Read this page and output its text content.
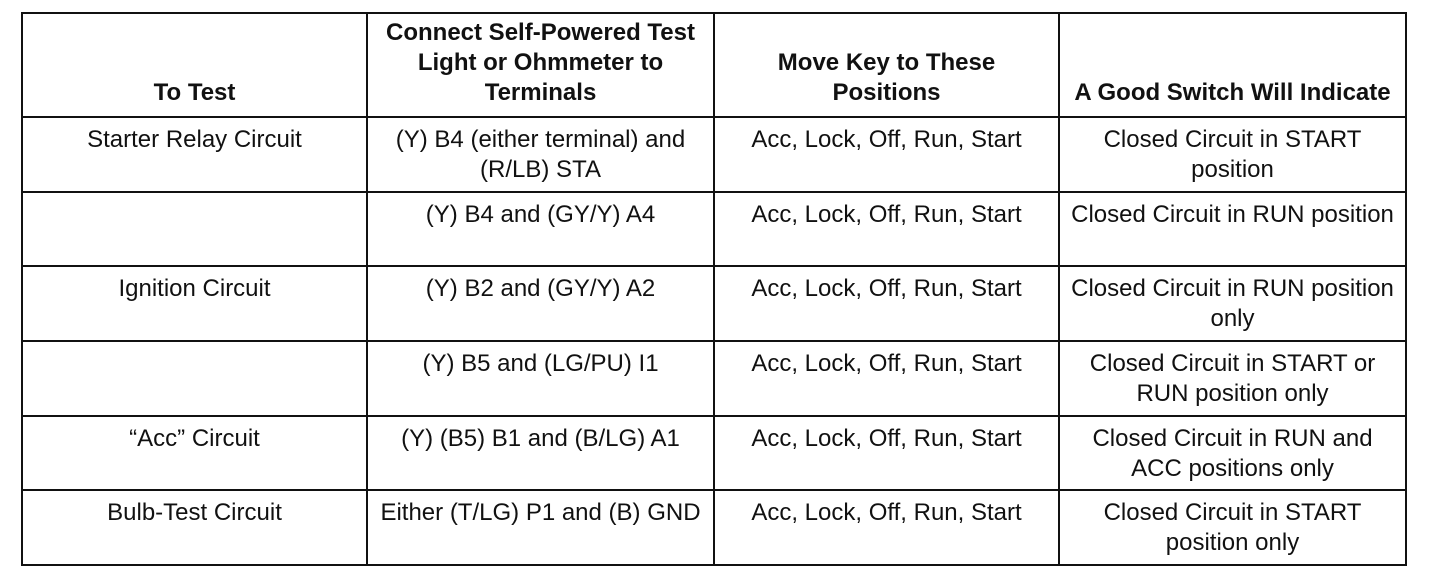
To Test	Connect Self-Powered Test Light or Ohmmeter to Terminals	Move Key to These Positions	A Good Switch Will Indicate
Starter Relay Circuit	(Y) B4 (either terminal) and (R/LB) STA	Acc, Lock, Off, Run, Start	Closed Circuit in START position
	(Y) B4 and (GY/Y) A4	Acc, Lock, Off, Run, Start	Closed Circuit in RUN position
Ignition Circuit	(Y) B2 and (GY/Y) A2	Acc, Lock, Off, Run, Start	Closed Circuit in RUN position only
	(Y) B5 and (LG/PU) I1	Acc, Lock, Off, Run, Start	Closed Circuit in START or RUN position only
“Acc” Circuit	(Y) (B5) B1 and (B/LG) A1	Acc, Lock, Off, Run, Start	Closed Circuit in RUN and ACC positions only
Bulb-Test Circuit	Either (T/LG) P1 and (B) GND	Acc, Lock, Off, Run, Start	Closed Circuit in START position only
